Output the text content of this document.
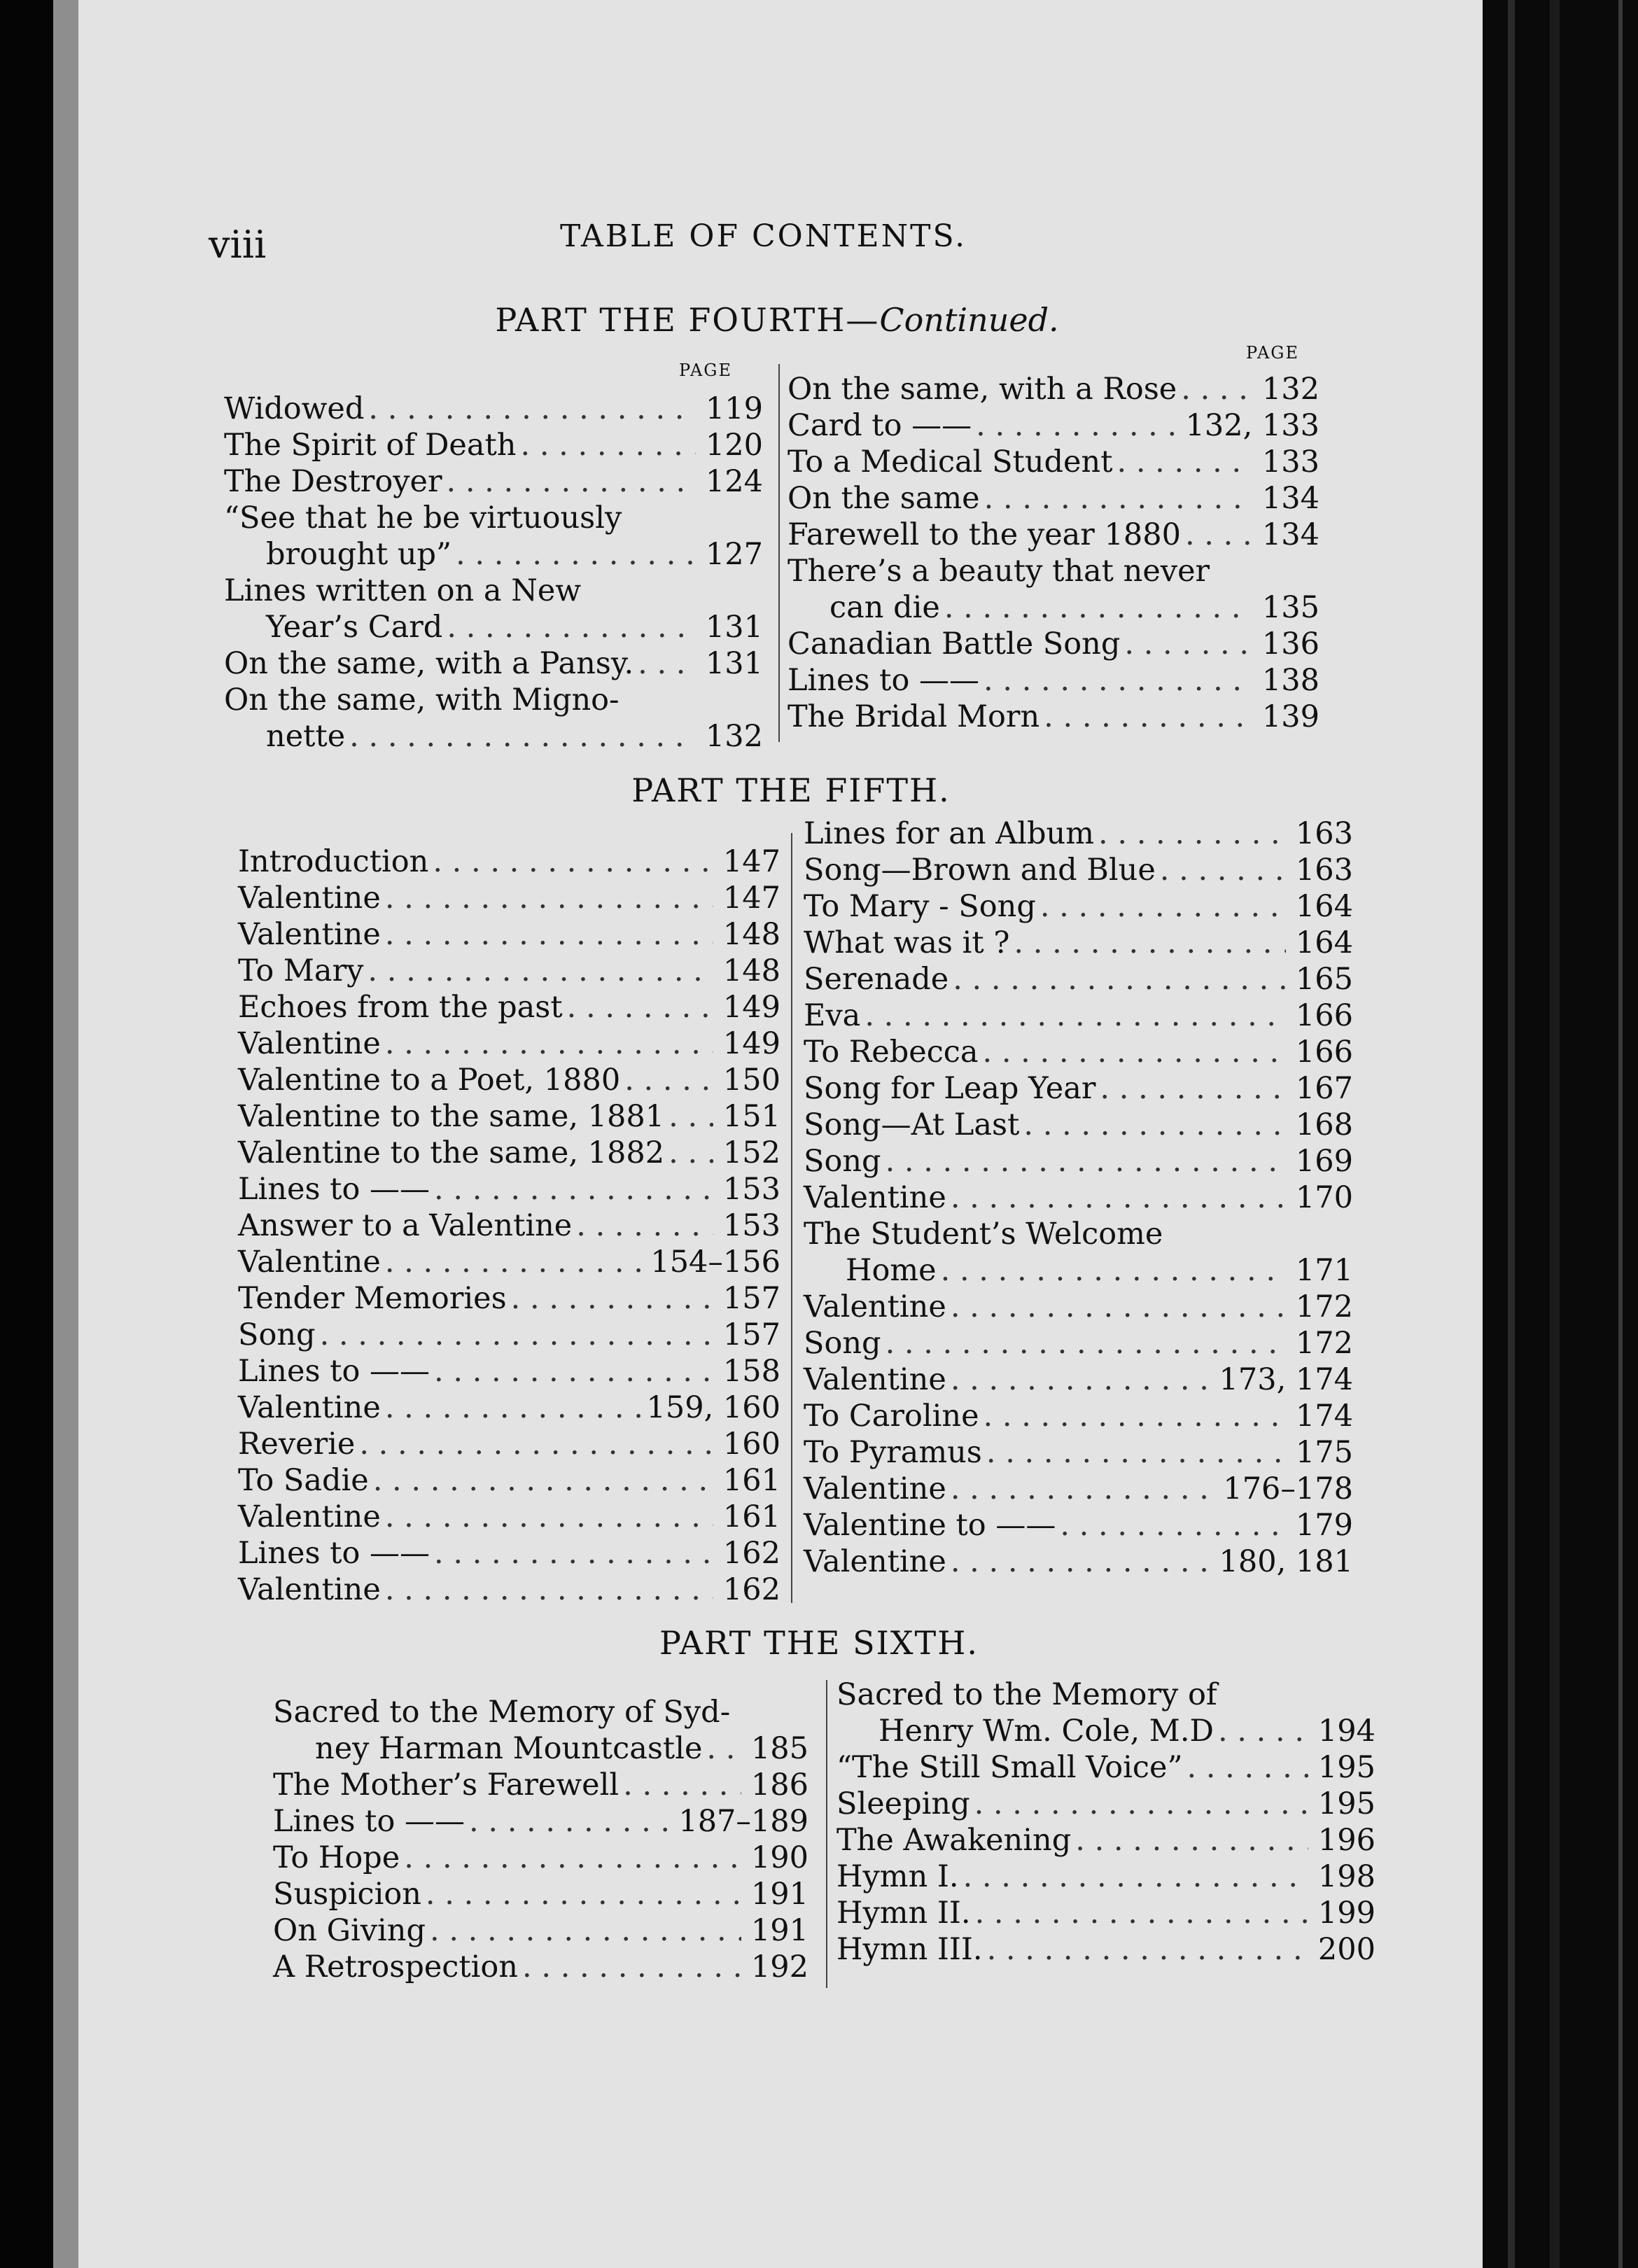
viii	TABLE OF CONTENTS.
PART THE FOURTH—Continued.
PAGE
PAGE
Widowed . . .	119
The Spirit of Death . . .	120
The Destroyer . . .	124
“See that he be virtuously
brought up” . . .	127
Lines written on a New
Year’s Card . . .	131
On the same, with a Pansy. . . . 131
On the same, with Migno-
nette . . .	132
On the same, with a Rose . . .	132
Card to —— . . .	132, 133
To a Medical Student . . .	133
On the same . . .	134
Farewell to the year 1880 . . .	134
There’s a beauty that never
can die . . .	135
Canadian Battle Song . . .	136
Lines to —— . . .	138
The Bridal Morn . . .	139
PART THE FIFTH.
Introduction . . .	147
Valentine . . .	147
Valentine . . .	148
To Mary . . .	148
Echoes from the past . . .	149
Valentine . . .	149
Valentine to a Poet, 1880 . . .	150
Valentine to the same, 1881 . . . 151
Valentine to the same, 1882 . . . 152
Lines to —— . . .	153
Answer to a Valentine . . .	153
Valentine . . .	154–156
Tender Memories . . .	157
Song . . .	157
Lines to —— . . .	158
Valentine . . .	159, 160
Reverie . . .	160
To Sadie . . .	161
Valentine . . .	161
Lines to —— . . .	162
Valentine . . .	162
Lines for an Album . . .	163
Song—Brown and Blue . . .	163
To Mary - Song . . .	164
What was it ? . . .	164
Serenade . . .	165
Eva . . .	166
To Rebecca . . .	166
Song for Leap Year . . .	167
Song—At Last . . .	168
Song . . .	169
Valentine . . .	170
The Student’s Welcome
Home . . .	171
Valentine . . .	172
Song . . .	172
Valentine . . .	173, 174
To Caroline . . .	174
To Pyramus . . .	175
Valentine . . .	176–178
Valentine to —— . . .	179
Valentine . . .	180, 181
PART THE SIXTH.
Sacred to the Memory of Syd-
ney Harman Mountcastle . . . 185
The Mother’s Farewell . . .	186
Lines to —— . . .	187–189
To Hope . . .	190
Suspicion . . .	191
On Giving . . .	191
A Retrospection . . .	192
Sacred to the Memory of
Henry Wm. Cole, M.D . . .	194
“The Still Small Voice” . . .	195
Sleeping . . .	195
The Awakening . . .	196
Hymn I. . . .	198
Hymn II. . . .	199
Hymn III. . . .	200
